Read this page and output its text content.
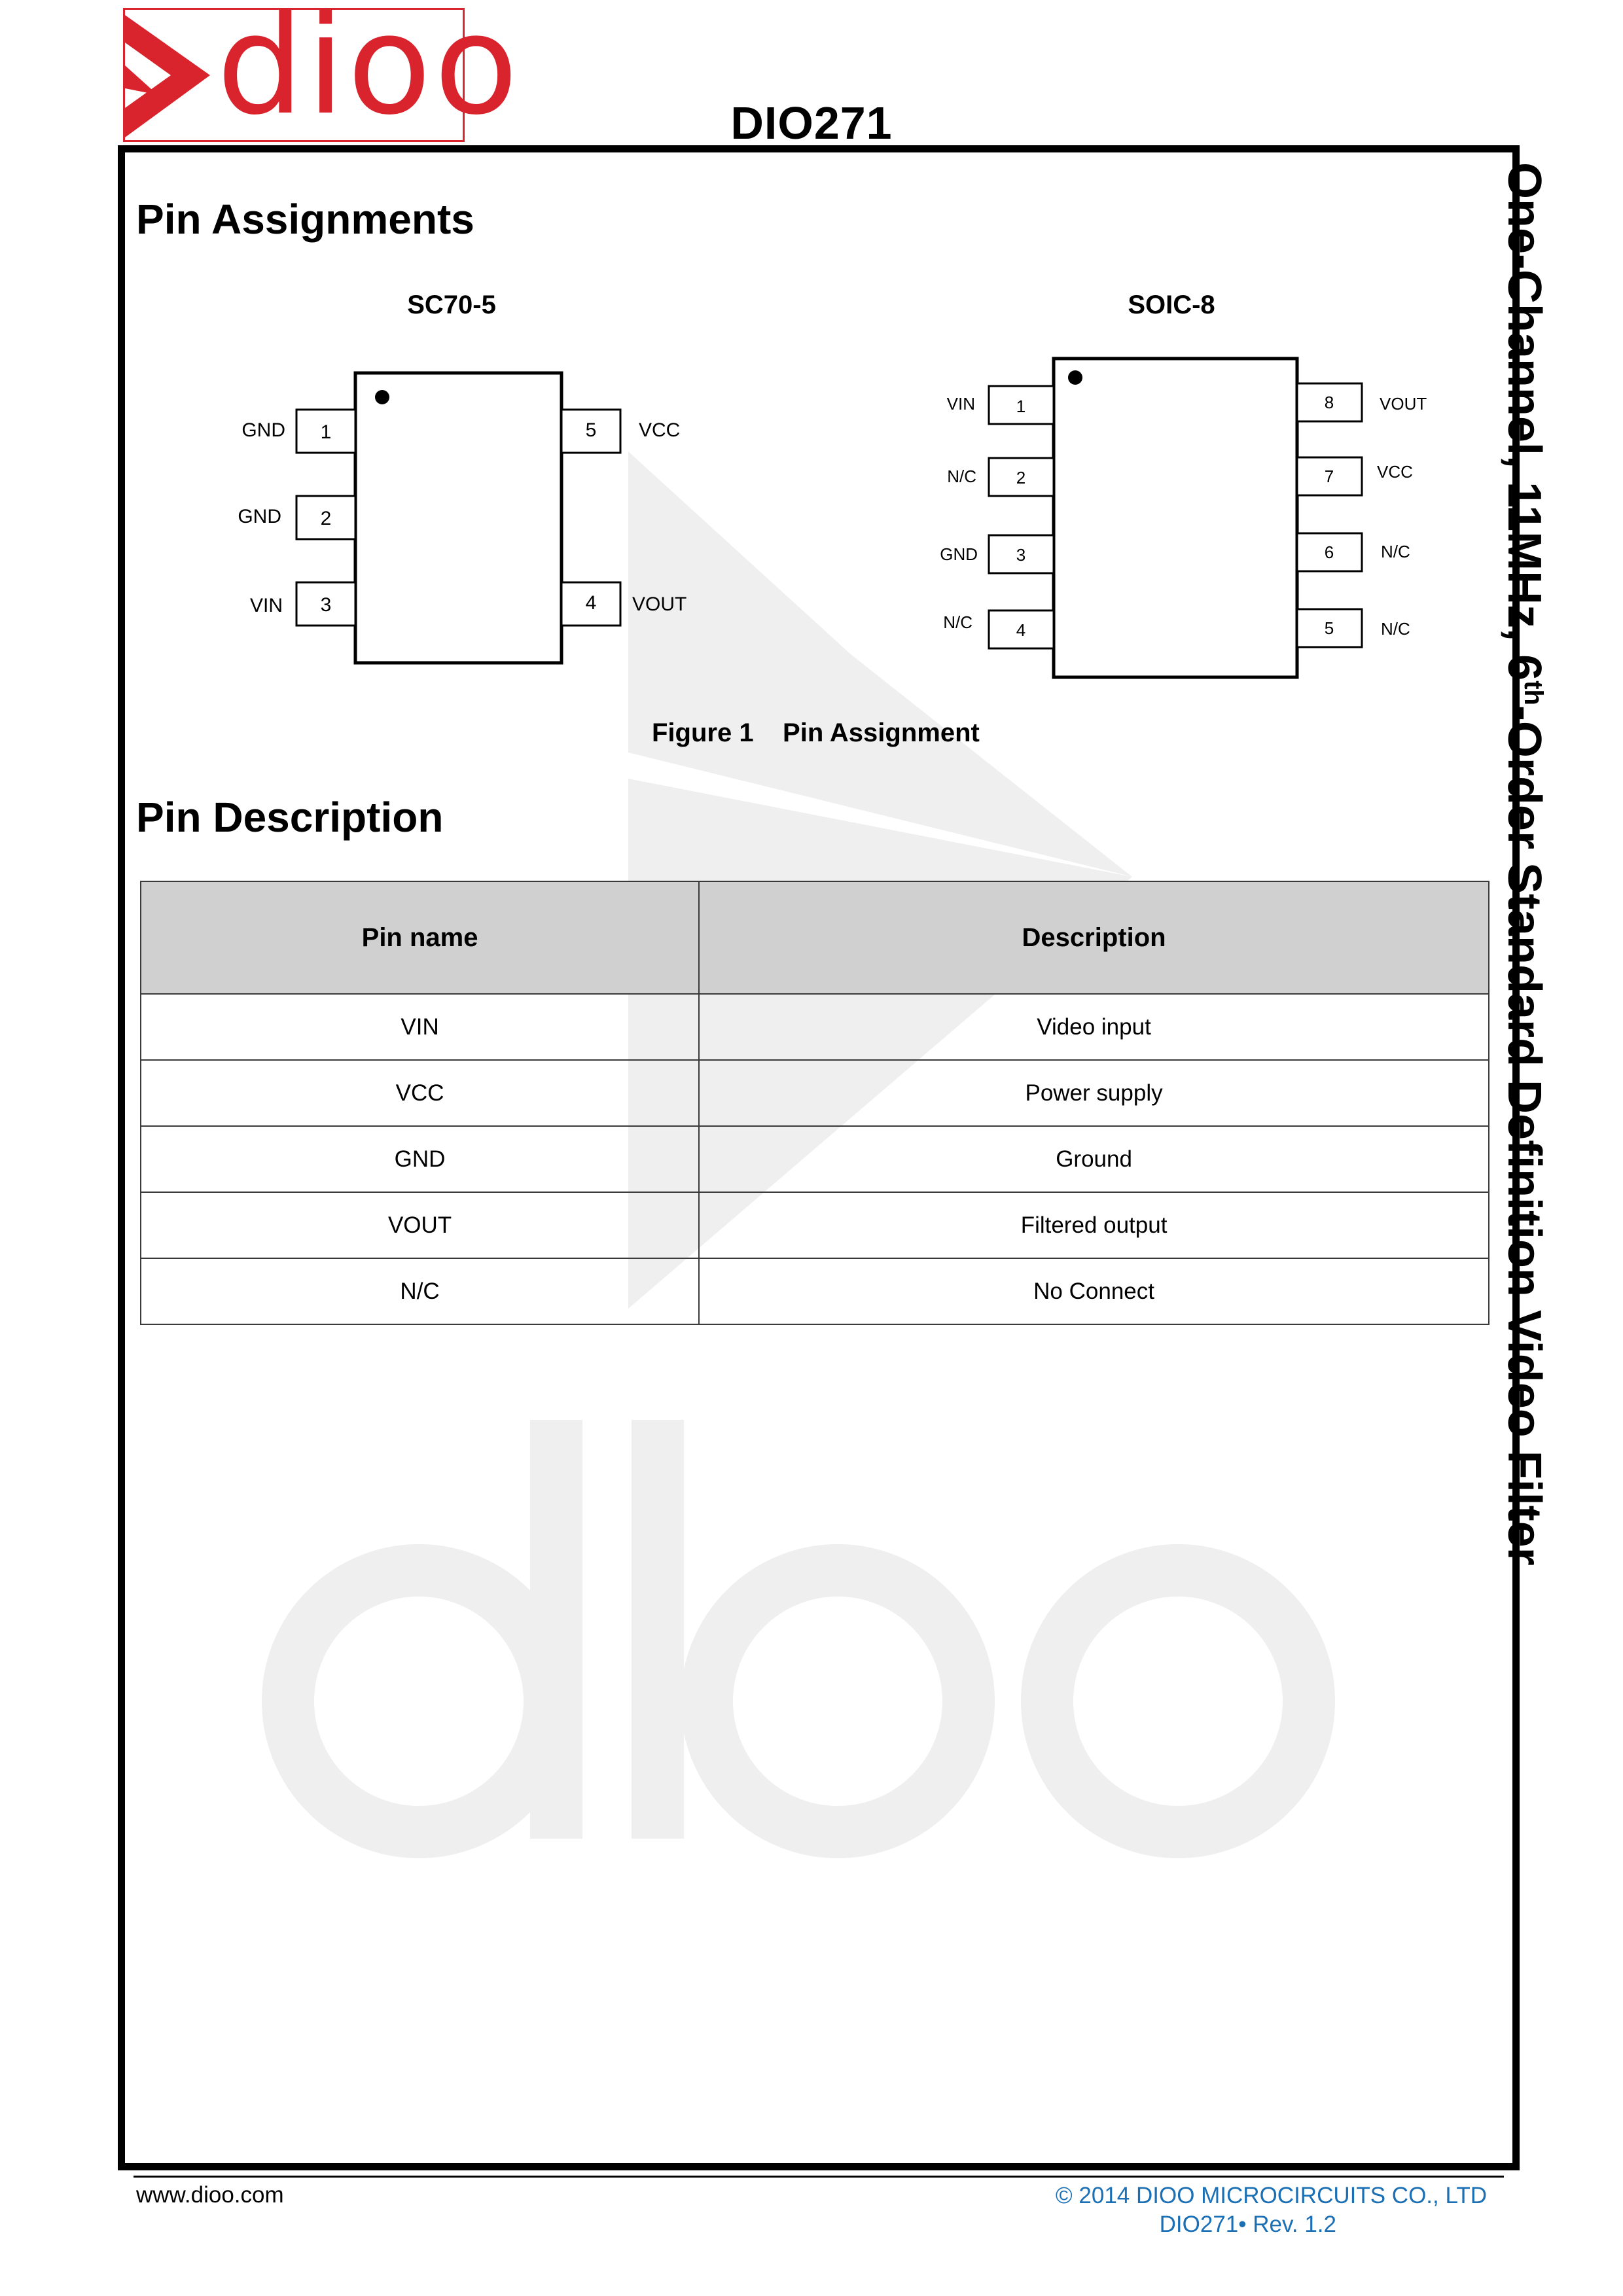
dioo	DIO271
One-Channel, 11MHz, 6th-Order Standard Definition Video Filter
Pin Assignments
SC70-5	SOIC-8
1
2
3	4
5
GND
GND
VIN	VOUT
VCC
1
2
3
4	5
6
7
8
VIN
N/C
GND
N/C	N/C
N/C
VCC
VOUT
Figure 1    Pin Assignment
Pin Description
Pin name	Description
VIN	Video input
VCC	Power supply
GND	Ground
VOUT	Filtered output
N/C	No Connect
www.dioo.com	© 2014 DIOO MICROCIRCUITS CO., LTD
DIO271• Rev. 1.2
